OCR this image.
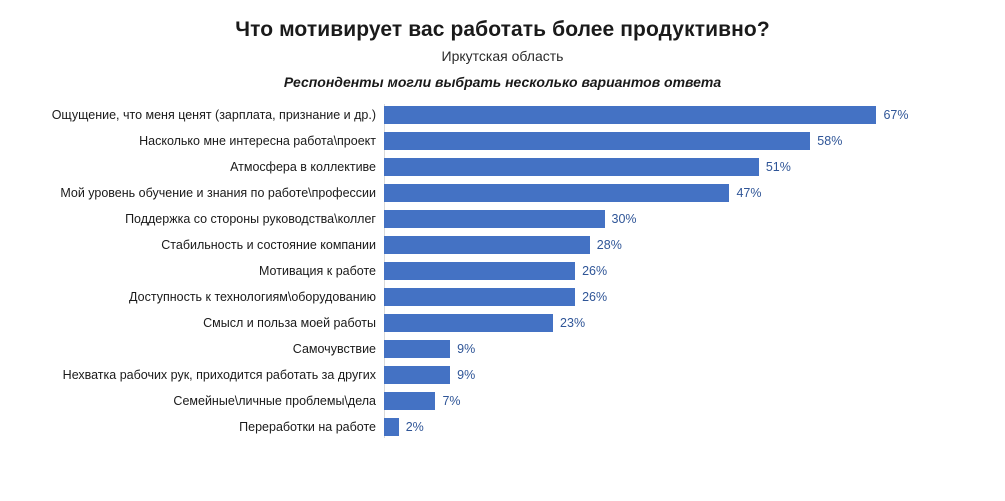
Что мотивирует вас работать более продуктивно?
Иркутская область
Респонденты могли выбрать несколько вариантов ответа
Ощущение, что меня ценят (зарплата, признание и др.)	67%
Насколько мне интересна работа\проект	58%
Атмосфера в коллективе	51%
Мой уровень обучение и знания по работе\профессии	47%
Поддержка со стороны руководства\коллег	30%
Стабильность и состояние компании	28%
Мотивация к работе	26%
Доступность к технологиям\оборудованию	26%
Смысл и польза моей работы	23%
Самочувствие	9%
Нехватка рабочих рук, приходится работать за других	9%
Семейные\личные проблемы\дела	7%
Переработки на работе	2%
